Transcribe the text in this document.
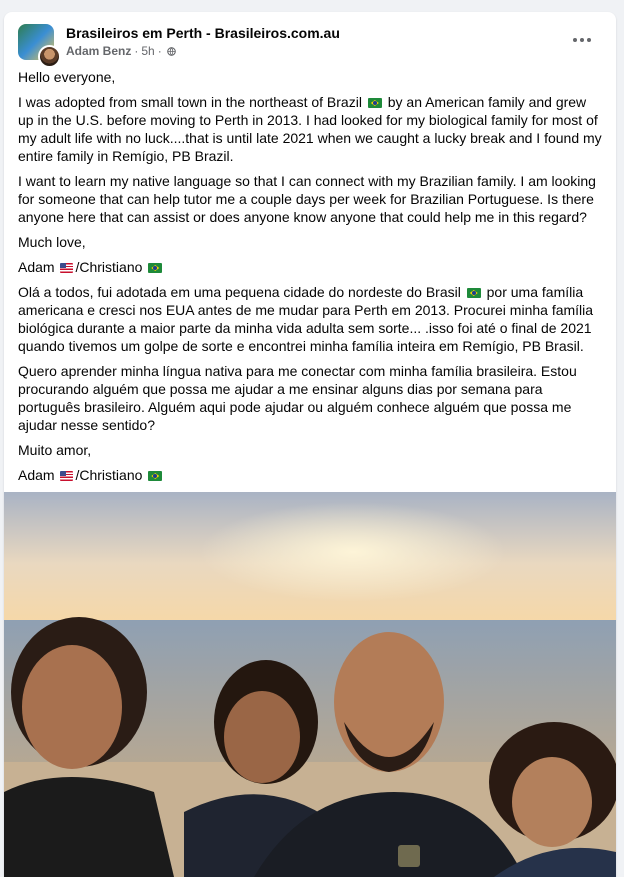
Brasileiros em Perth - Brasileiros.com.au
Adam Benz · 5h ·

Hello everyone,

I was adopted from small town in the northeast of Brazil  by an American family and grew up in the U.S. before moving to Perth in 2013. I had looked for my biological family for most of my adult life with no luck....that is until late 2021 when we caught a lucky break and I found my entire family in Remígio, PB Brazil.

I want to learn my native language so that I can connect with my Brazilian family. I am looking for someone that can help tutor me a couple days per week for Brazilian Portuguese. Is there anyone here that can assist or does anyone know anyone that could help me in this regard?

Much love,

Adam /Christiano

Olá a todos, fui adotada em uma pequena cidade do nordeste do Brasil  por uma família americana e cresci nos EUA antes de me mudar para Perth em 2013. Procurei minha família biológica durante a maior parte da minha vida adulta sem sorte... .isso foi até o final de 2021 quando tivemos um golpe de sorte e encontrei minha família inteira em Remígio, PB Brasil.

Quero aprender minha língua nativa para me conectar com minha família brasileira. Estou procurando alguém que possa me ajudar a me ensinar alguns dias por semana para português brasileiro. Alguém aqui pode ajudar ou alguém conhece alguém que possa me ajudar nesse sentido?

Muito amor,

Adam /Christiano
